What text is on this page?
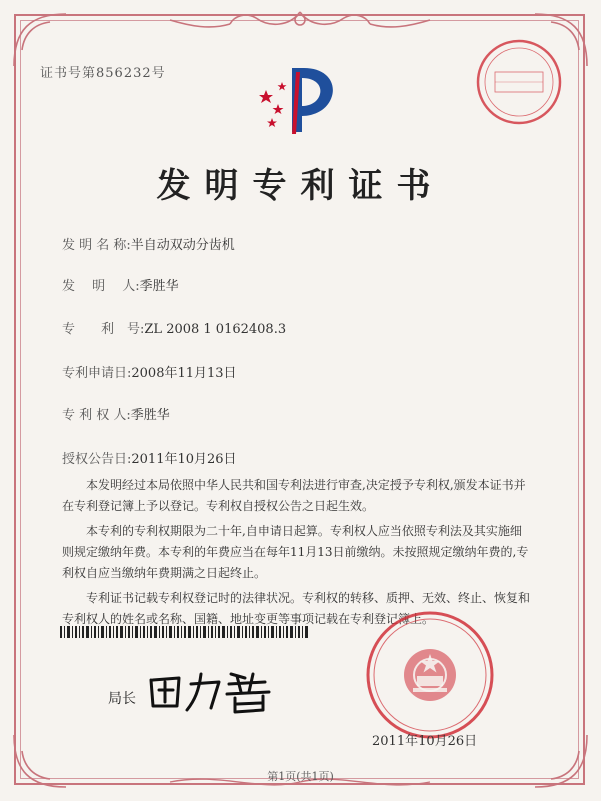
证书号第856232号
发明专利证书
发 明 名 称:半自动双动分齿机
发　 明　 人:季胜华
专　　利　号:ZL 2008 1 0162408.3
专利申请日:2008年11月13日
专 利 权 人:季胜华
授权公告日:2011年10月26日

本发明经过本局依照中华人民共和国专利法进行审查,决定授予专利权,颁发本证书并在专利登记簿上予以登记。专利权自授权公告之日起生效。

本专利的专利权期限为二十年,自申请日起算。专利权人应当依照专利法及其实施细则规定缴纳年费。本专利的年费应当在每年11月13日前缴纳。未按照规定缴纳年费的,专利权自应当缴纳年费期满之日起终止。

专利证书记载专利权登记时的法律状况。专利权的转移、质押、无效、终止、恢复和专利权人的姓名或名称、国籍、地址变更等事项记载在专利登记簿上。

局长
2011年10月26日
第1页(共1页)
